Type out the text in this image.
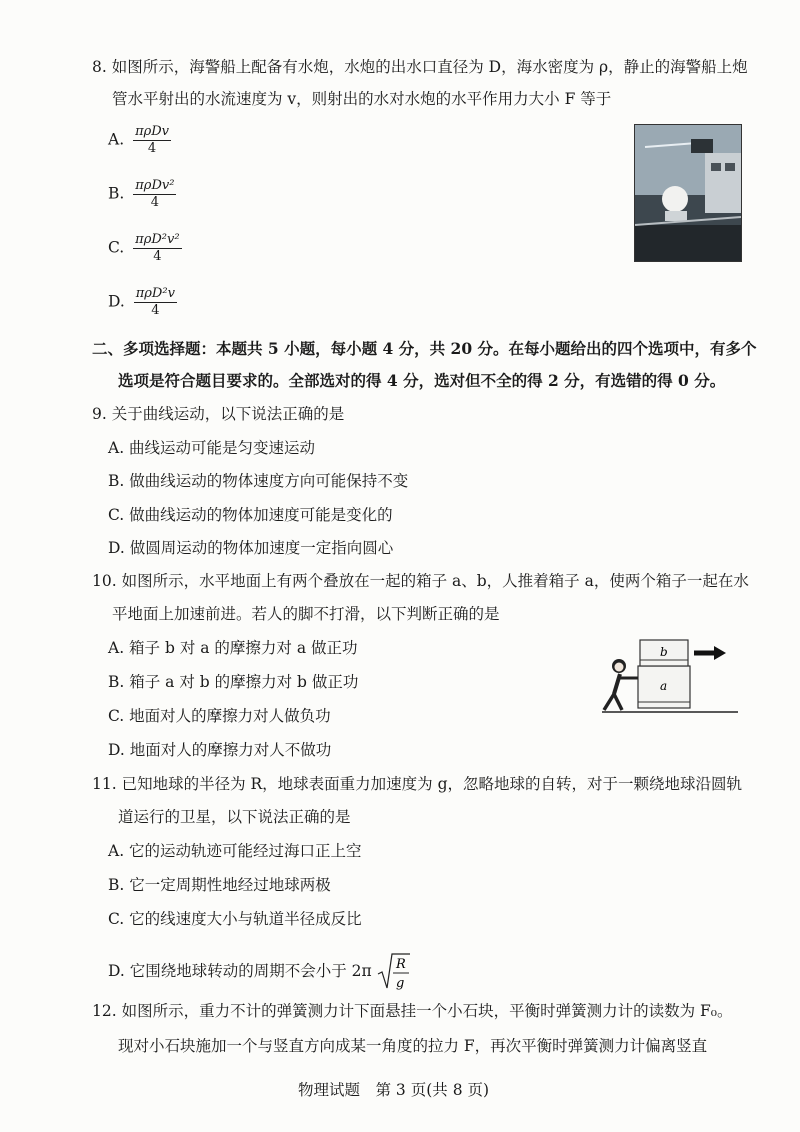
8. 如图所示，海警船上配备有水炮，水炮的出水口直径为 D，海水密度为 ρ，静止的海警船上炮
管水平射出的水流速度为 v，则射出的水对水炮的水平作用力大小 F 等于
A. $\frac{\text{πρDv}}{4}$
B. $\frac{\text{πρDv²}}{4}$
C. $\frac{\text{πρD²v²}}{4}$
D. $\frac{\text{πρD²v}}{4}$
二、多项选择题：本题共 5 小题，每小题 4 分，共 20 分。在每小题给出的四个选项中，有多个
选项是符合题目要求的。全部选对的得 4 分，选对但不全的得 2 分，有选错的得 0 分。
9. 关于曲线运动，以下说法正确的是
A. 曲线运动可能是匀变速运动
B. 做曲线运动的物体速度方向可能保持不变
C. 做曲线运动的物体加速度可能是变化的
D. 做圆周运动的物体加速度一定指向圆心
10. 如图所示，水平地面上有两个叠放在一起的箱子 a、b，人推着箱子 a，使两个箱子一起在水
平地面上加速前进。若人的脚不打滑，以下判断正确的是
A. 箱子 b 对 a 的摩擦力对 a 做正功
B. 箱子 a 对 b 的摩擦力对 b 做正功
C. 地面对人的摩擦力对人做负功
D. 地面对人的摩擦力对人不做功
b
a
11. 已知地球的半径为 R，地球表面重力加速度为 g，忽略地球的自转，对于一颗绕地球沿圆轨
道运行的卫星，以下说法正确的是
A. 它的运动轨迹可能经过海口正上空
B. 它一定周期性地经过地球两极
C. 它的线速度大小与轨道半径成反比
D. 它围绕地球转动的周期不会小于 2π R
g
12. 如图所示，重力不计的弹簧测力计下面悬挂一个小石块，平衡时弹簧测力计的读数为 F₀。
现对小石块施加一个与竖直方向成某一角度的拉力 F，再次平衡时弹簧测力计偏离竖直
物理试题　第 3 页(共 8 页)
